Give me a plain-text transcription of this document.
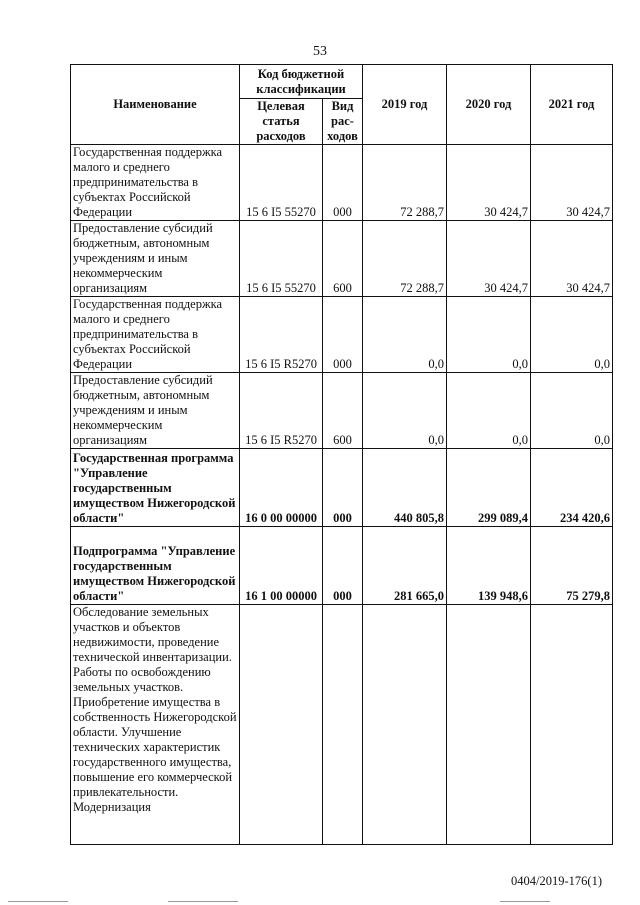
53
Наименование	Код бюджетной классификации		2019 год	2020 год	2021 год
	Целевая статья расходов	Вид рас-ходов			
Государственная поддержка малого и среднего предпринимательства в субъектах Российской Федерации	15 6 I5 55270	000	72 288,7	30 424,7	30 424,7
Предоставление субсидий бюджетным, автономным учреждениям и иным некоммерческим организациям	15 6 I5 55270	600	72 288,7	30 424,7	30 424,7
Государственная поддержка малого и среднего предпринимательства в субъектах Российской Федерации	15 6 I5 R5270	000	0,0	0,0	0,0
Предоставление субсидий бюджетным, автономным учреждениям и иным некоммерческим организациям	15 6 I5 R5270	600	0,0	0,0	0,0
Государственная программа "Управление государственным имуществом Нижегородской области"	16 0 00 00000	000	440 805,8	299 089,4	234 420,6
Подпрограмма "Управление государственным имуществом Нижегородской области"	16 1 00 00000	000	281 665,0	139 948,6	75 279,8
Обследование земельных участков и объектов недвижимости, проведение технической инвентаризации. Работы по освобождению земельных участков. Приобретение имущества в собственность Нижегородской области. Улучшение технических характеристик государственного имущества, повышение его коммерческой привлекательности. Модернизация					
0404/2019-176(1)
